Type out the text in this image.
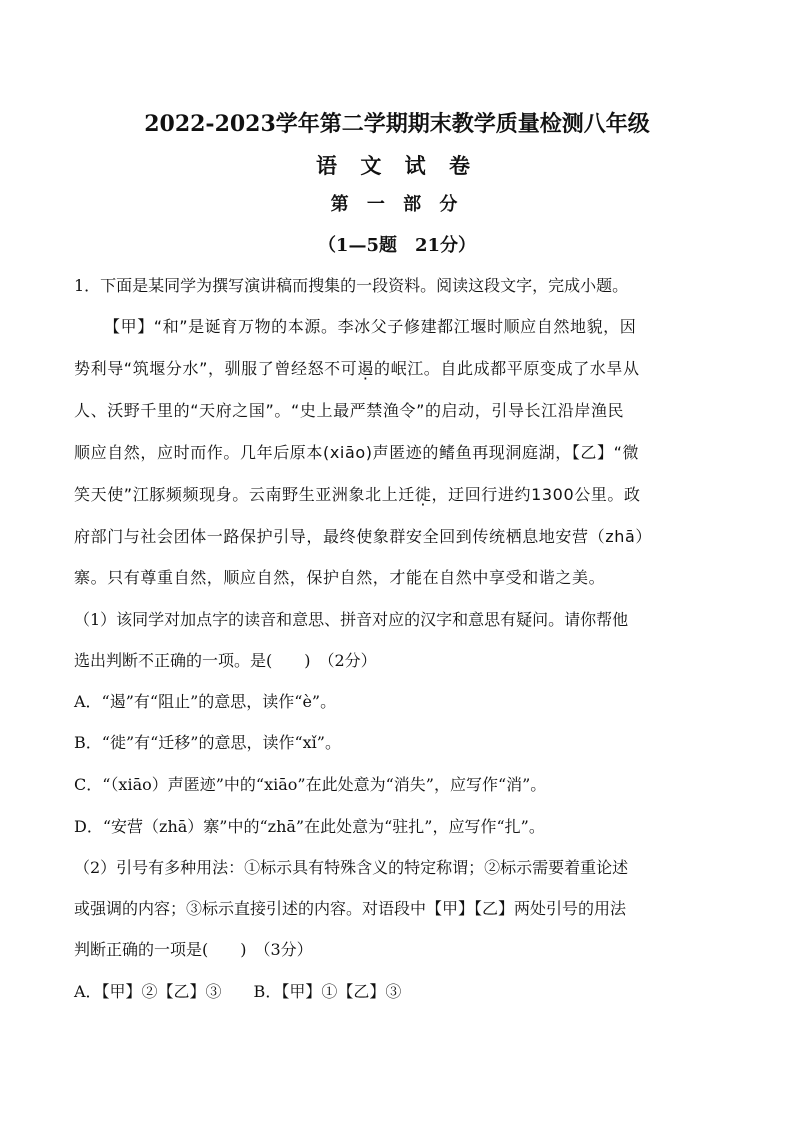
2022-2023学年第二学期期末教学质量检测八年级
语 文 试 卷
第 一 部 分
（1—5题　21分）
1．下面是某同学为撰写演讲稿而搜集的一段资料。阅读这段文字，完成小题。
【甲】“和”是诞育万物的本源。李冰父子修建都江堰时顺应自然地貌，因
势利导“筑堰分水”，驯服了曾经怒不可遏的岷江。自此成都平原变成了水旱从
人、沃野千里的“天府之国”。“史上最严禁渔令”的启动，引导长江沿岸渔民
顺应自然，应时而作。几年后原本(xiāo)声匿迹的鳍鱼再现洞庭湖，【乙】“微
笑天使”江豚频频现身。云南野生亚洲象北上迁徙，迂回行进约1300公里。政
府部门与社会团体一路保护引导，最终使象群安全回到传统栖息地安营（zhā）
寨。只有尊重自然，顺应自然，保护自然，才能在自然中享受和谐之美。
（1）该同学对加点字的读音和意思、拼音对应的汉字和意思有疑问。请你帮他
选出判断不正确的一项。是(　　)　（2分）
A．“遏”有“阻止”的意思，读作“è”。
B．“徙”有“迁移”的意思，读作“xǐ”。
C．“（xiāo）声匿迹”中的“xiāo”在此处意为“消失”，应写作“消”。
D．“安营（zhā）寨”中的“zhā”在此处意为“驻扎”，应写作“扎”。
（2）引号有多种用法：①标示具有特殊含义的特定称谓；②标示需要着重论述
或强调的内容；③标示直接引述的内容。对语段中【甲】【乙】两处引号的用法
判断正确的一项是(　　)　（3分）
A．【甲】②【乙】③　　B．【甲】①【乙】③
